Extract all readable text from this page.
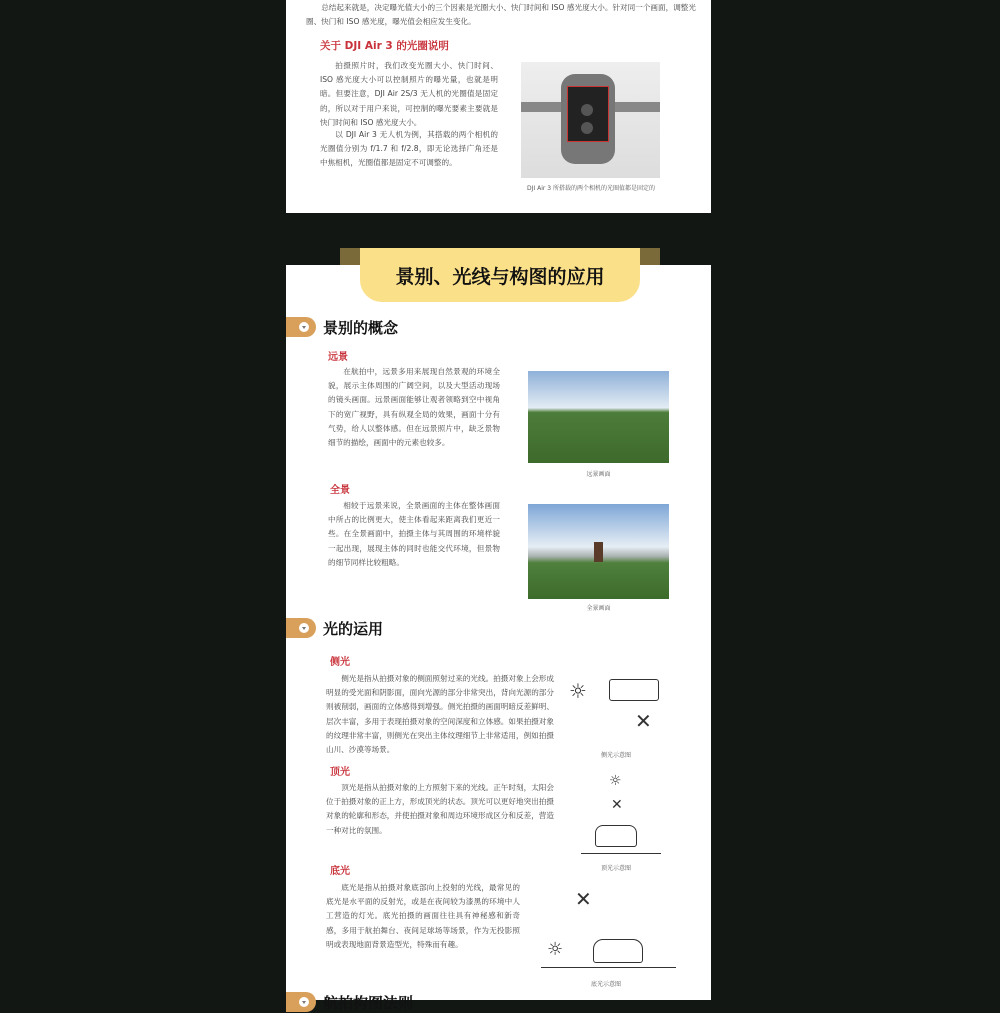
总结起来就是，决定曝光值大小的三个因素是光圈大小、快门时间和 ISO 感光度大小。针对同一个画面，调整光圈、快门和 ISO 感光度，曝光值会相应发生变化。

关于 DJI Air 3 的光圈说明

拍摄照片时，我们改变光圈大小、快门时间、ISO 感光度大小可以控制照片的曝光量，也就是明暗。但要注意，DJI Air 2S/3 无人机的光圈值是固定的，所以对于用户来说，可控制的曝光要素主要就是快门时间和 ISO 感光度大小。

以 DJI Air 3 无人机为例，其搭载的两个相机的光圈值分别为 f/1.7 和 f/2.8，即无论选择广角还是中焦相机，光圈值都是固定不可调整的。

DJI Air 3 所搭载的两个相机的光圈值都是固定的
景别的概念
远景

在航拍中，远景多用来展现自然景观的环境全貌，展示主体周围的广阔空间，以及大型活动现场的镜头画面。远景画面能够让观者领略到空中视角下的宽广视野，具有纵观全局的效果，画面十分有气势，给人以整体感。但在远景照片中，缺乏景物细节的描绘，画面中的元素也较多。

远景画面
全景

相较于远景来说，全景画面的主体在整体画面中所占的比例更大，使主体看起来距离我们更近一些。在全景画面中，拍摄主体与其周围的环境样貌一起出现，展现主体的同时也能交代环境，但景物的细节同样比较粗略。

全景画面
光的运用
侧光

侧光是指从拍摄对象的侧面照射过来的光线。拍摄对象上会形成明显的受光面和阴影面，面向光源的部分非常突出，背向光源的部分则被削弱，画面的立体感得到增强。侧光拍摄的画面明暗反差鲜明、层次丰富，多用于表现拍摄对象的空间深度和立体感。如果拍摄对象的纹理非常丰富，则侧光在突出主体纹理细节上非常适用，例如拍摄山川、沙漠等场景。

☼
✕
侧光示意图
顶光

顶光是指从拍摄对象的上方照射下来的光线。正午时刻，太阳会位于拍摄对象的正上方，形成顶光的状态。顶光可以更好地突出拍摄对象的轮廓和形态，并使拍摄对象和周边环境形成区分和反差，营造一种对比的氛围。

☼
✕
顶光示意图
底光

底光是指从拍摄对象底部向上投射的光线，最常见的底光是水平面的反射光，或是在夜间较为漆黑的环境中人工营造的灯光。底光拍摄的画面往往具有神秘感和新奇感，多用于航拍舞台、夜间足球场等场景，作为无投影照明或表现地面背景造型光，特殊而有趣。

✕
☼
底光示意图
航拍构图法则
景别、光线与构图的应用
